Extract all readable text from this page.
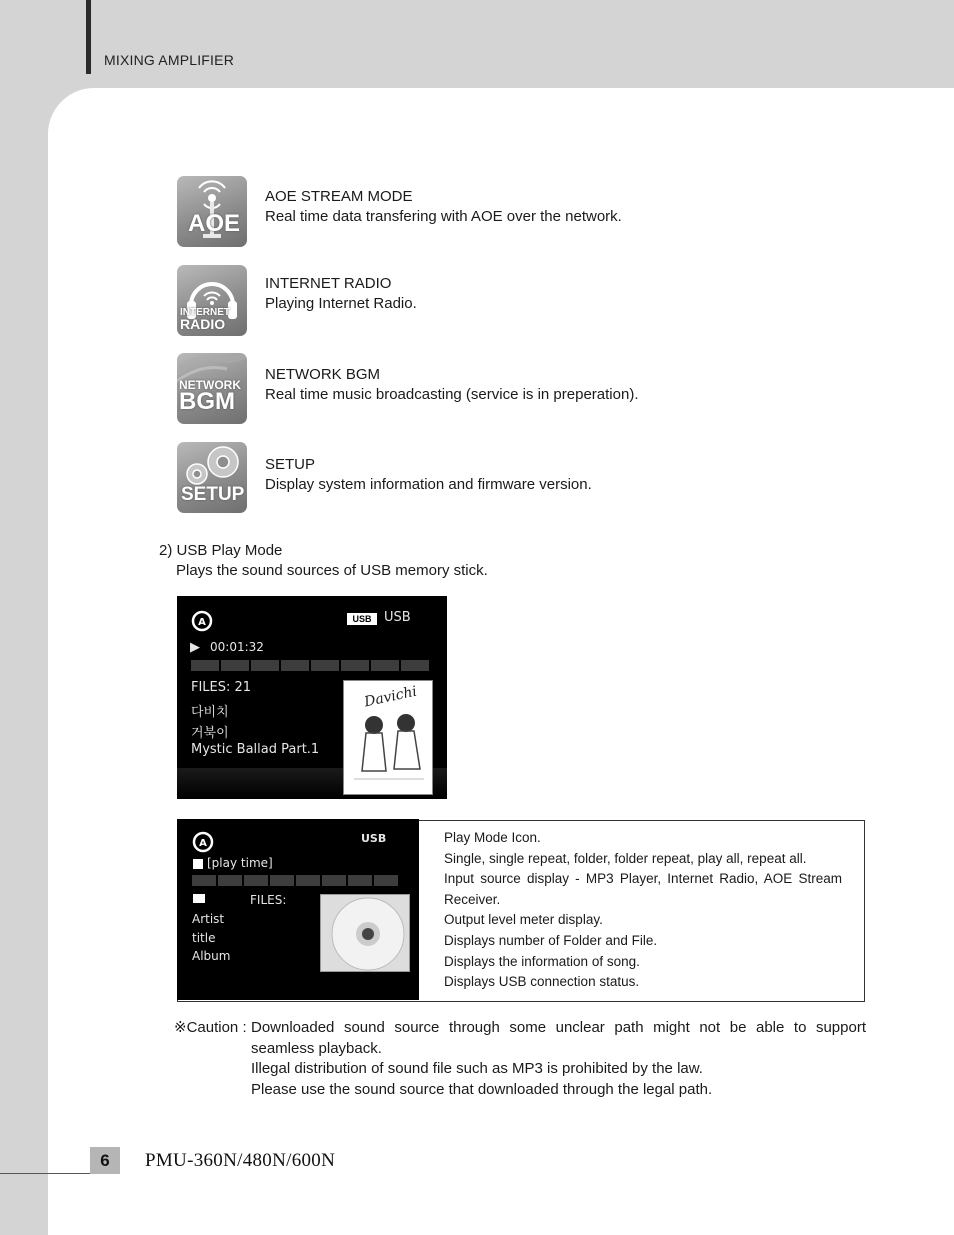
MIXING AMPLIFIER
AOE
AOE STREAM MODE
Real time data transfering with AOE over the network.
INTERNET
RADIO
INTERNET RADIO
Playing Internet Radio.
NETWORK
BGM
NETWORK BGM
Real time music broadcasting (service is in preperation).
SETUP
SETUP
Display system information and firmware version.
2) USB Play Mode
Plays the sound sources of USB memory stick.
A	USB USB
▶ 00:01:32
FILES: 21
다비치
거북이
Mystic Ballad Part.1
Davichi
A	USB
[play time]
FILES:
Artist
title
Album
Play Mode Icon.
Single, single repeat, folder, folder repeat, play all, repeat all.
Input source display - MP3 Player, Internet Radio, AOE Stream Receiver.
Output level meter display.
Displays number of Folder and File.
Displays the information of song.
Displays USB connection status.
※Caution : Downloaded sound source through some unclear path might not be able to support seamless playback.
Illegal distribution of sound file such as MP3 is prohibited by the law.
Please use the sound source that downloaded through the legal path.
6	PMU-360N/480N/600N
